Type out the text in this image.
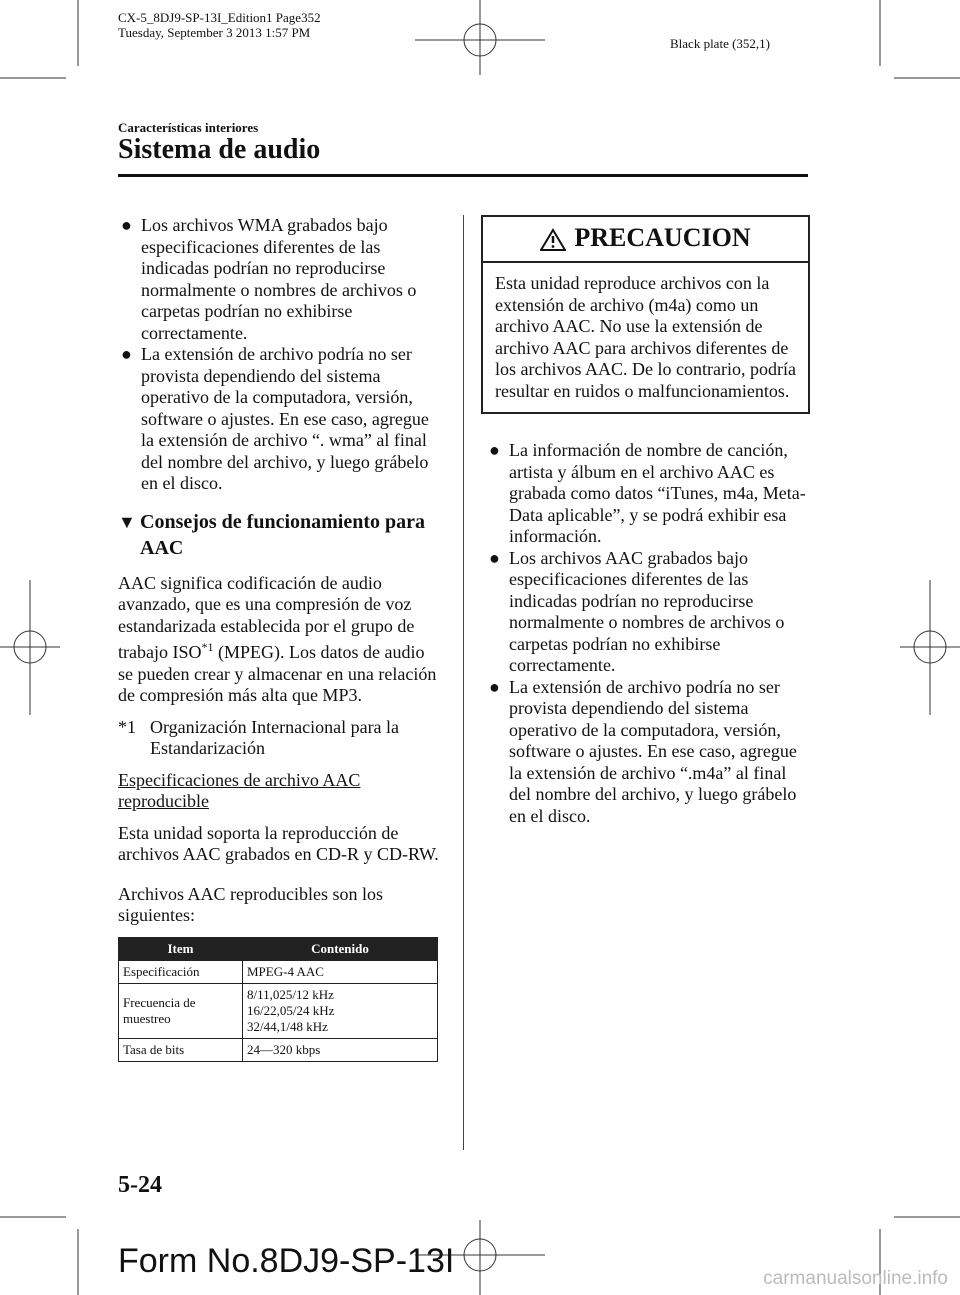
CX-5_8DJ9-SP-13I_Edition1 Page352
Tuesday, September 3 2013 1:57 PM
Black plate (352,1)
Características interiores
Sistema de audio

● Los archivos WMA grabados bajo especificaciones diferentes de las indicadas podrían no reproducirse normalmente o nombres de archivos o carpetas podrían no exhibirse correctamente.

● La extensión de archivo podría no ser provista dependiendo del sistema operativo de la computadora, versión, software o ajustes. En ese caso, agregue la extensión de archivo “. wma” al final del nombre del archivo, y luego grábelo en el disco.

▼ Consejos de funcionamiento para AAC

AAC significa codificación de audio avanzado, que es una compresión de voz estandarizada establecida por el grupo de trabajo ISO$^{*1}$ (MPEG). Los datos de audio se pueden crear y almacenar en una relación de compresión más alta que MP3.

*1 Organización Internacional para la Estandarización

Especificaciones de archivo AAC reproducible

Esta unidad soporta la reproducción de archivos AAC grabados en CD-R y CD-RW.

Archivos AAC reproducibles son los siguientes:

Item	Contenido
Especificación	MPEG-4 AAC
Frecuencia de muestreo	8/11,025/12 kHz
16/22,05/24 kHz
32/44,1/48 kHz
Tasa de bits	24―320 kbps
PRECAUCION
Esta unidad reproduce archivos con la extensión de archivo (m4a) como un archivo AAC. No use la extensión de archivo AAC para archivos diferentes de los archivos AAC. De lo contrario, podría resultar en ruidos o malfuncionamientos.

● La información de nombre de canción, artista y álbum en el archivo AAC es grabada como datos “iTunes, m4a, Meta-Data aplicable”, y se podrá exhibir esa información.

● Los archivos AAC grabados bajo especificaciones diferentes de las indicadas podrían no reproducirse normalmente o nombres de archivos o carpetas podrían no exhibirse correctamente.

● La extensión de archivo podría no ser provista dependiendo del sistema operativo de la computadora, versión, software o ajustes. En ese caso, agregue la extensión de archivo “.m4a” al final del nombre del archivo, y luego grábelo en el disco.

5-24
Form No.8DJ9-SP-13I	carmanualsonline.info
